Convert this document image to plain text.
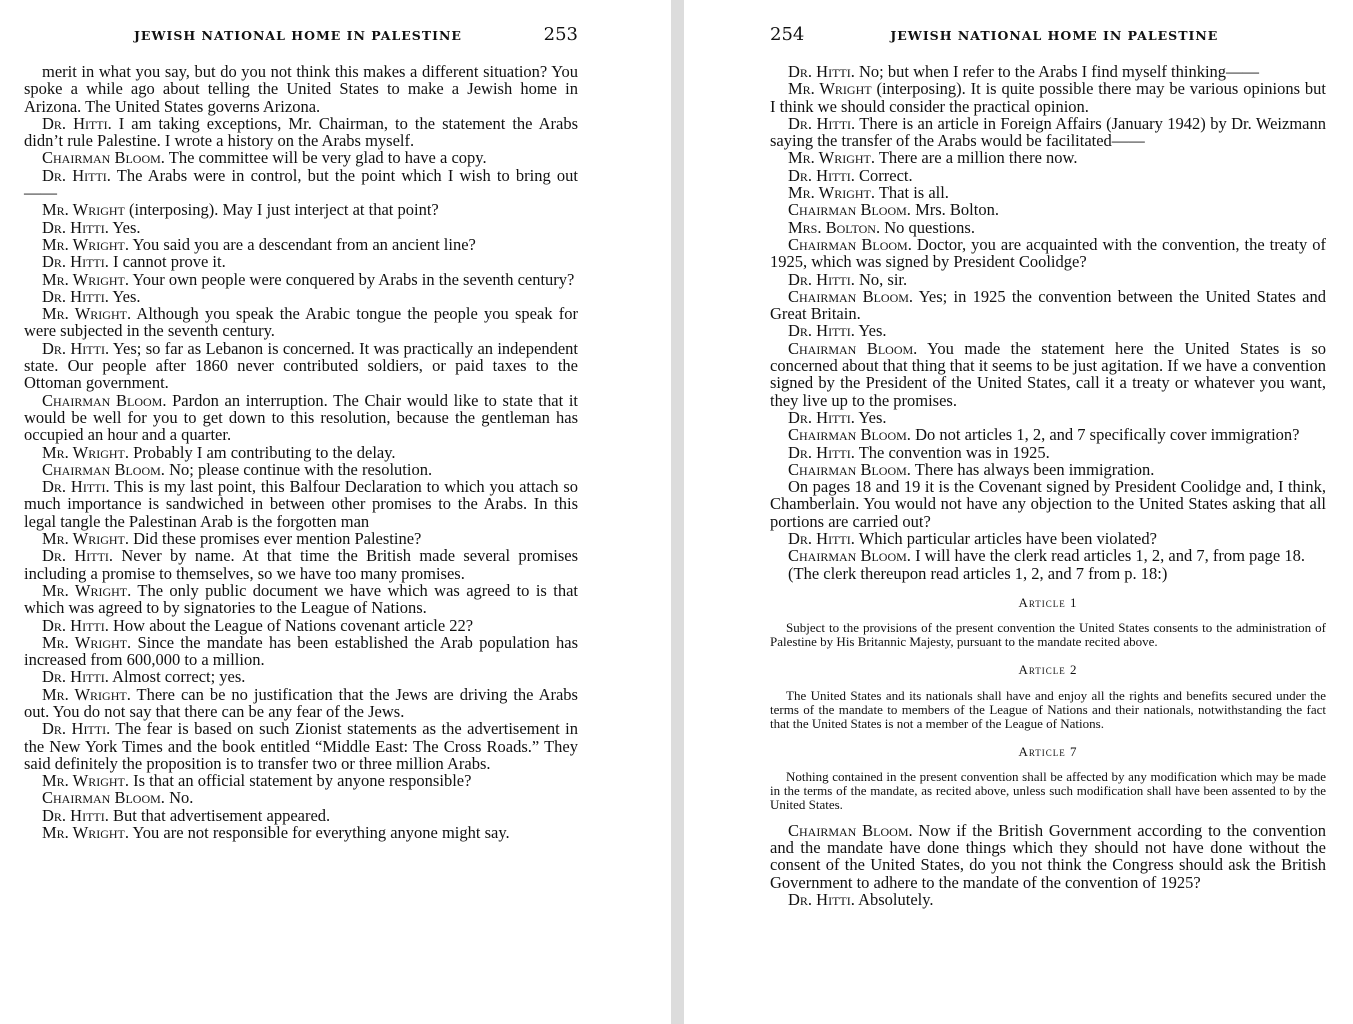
JEWISH NATIONAL HOME IN PALESTINE	253

merit in what you say, but do you not think this makes a different situation? You spoke a while ago about telling the United States to make a Jewish home in Arizona. The United States governs Arizona.

Dr. Hitti. I am taking exceptions, Mr. Chairman, to the statement the Arabs didn’t rule Palestine. I wrote a history on the Arabs myself.

Chairman Bloom. The committee will be very glad to have a copy.

Dr. Hitti. The Arabs were in control, but the point which I wish to bring out——

Mr. Wright (interposing). May I just interject at that point?

Dr. Hitti. Yes.

Mr. Wright. You said you are a descendant from an ancient line?

Dr. Hitti. I cannot prove it.

Mr. Wright. Your own people were conquered by Arabs in the seventh century?

Dr. Hitti. Yes.

Mr. Wright. Although you speak the Arabic tongue the people you speak for were subjected in the seventh century.

Dr. Hitti. Yes; so far as Lebanon is concerned. It was practically an independent state. Our people after 1860 never contributed soldiers, or paid taxes to the Ottoman government.

Chairman Bloom. Pardon an interruption. The Chair would like to state that it would be well for you to get down to this resolution, because the gentleman has occupied an hour and a quarter.

Mr. Wright. Probably I am contributing to the delay.

Chairman Bloom. No; please continue with the resolution.

Dr. Hitti. This is my last point, this Balfour Declaration to which you attach so much importance is sandwiched in between other promises to the Arabs. In this legal tangle the Palestinan Arab is the forgotten man

Mr. Wright. Did these promises ever mention Palestine?

Dr. Hitti. Never by name. At that time the British made several promises including a promise to themselves, so we have too many promises.

Mr. Wright. The only public document we have which was agreed to is that which was agreed to by signatories to the League of Nations.

Dr. Hitti. How about the League of Nations covenant article 22?

Mr. Wright. Since the mandate has been established the Arab population has increased from 600,000 to a million.

Dr. Hitti. Almost correct; yes.

Mr. Wright. There can be no justification that the Jews are driving the Arabs out. You do not say that there can be any fear of the Jews.

Dr. Hitti. The fear is based on such Zionist statements as the advertisement in the New York Times and the book entitled “Middle East: The Cross Roads.” They said definitely the proposition is to transfer two or three million Arabs.

Mr. Wright. Is that an official statement by anyone responsible?

Chairman Bloom. No.

Dr. Hitti. But that advertisement appeared.

Mr. Wright. You are not responsible for everything anyone might say.

254	JEWISH NATIONAL HOME IN PALESTINE

Dr. Hitti. No; but when I refer to the Arabs I find myself thinking——

Mr. Wright (interposing). It is quite possible there may be various opinions but I think we should consider the practical opinion.

Dr. Hitti. There is an article in Foreign Affairs (January 1942) by Dr. Weizmann saying the transfer of the Arabs would be facilitated——

Mr. Wright. There are a million there now.

Dr. Hitti. Correct.

Mr. Wright. That is all.

Chairman Bloom. Mrs. Bolton.

Mrs. Bolton. No questions.

Chairman Bloom. Doctor, you are acquainted with the convention, the treaty of 1925, which was signed by President Coolidge?

Dr. Hitti. No, sir.

Chairman Bloom. Yes; in 1925 the convention between the United States and Great Britain.

Dr. Hitti. Yes.

Chairman Bloom. You made the statement here the United States is so concerned about that thing that it seems to be just agitation. If we have a convention signed by the President of the United States, call it a treaty or whatever you want, they live up to the promises.

Dr. Hitti. Yes.

Chairman Bloom. Do not articles 1, 2, and 7 specifically cover immigration?

Dr. Hitti. The convention was in 1925.

Chairman Bloom. There has always been immigration.

On pages 18 and 19 it is the Covenant signed by President Coolidge and, I think, Chamberlain. You would not have any objection to the United States asking that all portions are carried out?

Dr. Hitti. Which particular articles have been violated?

Chairman Bloom. I will have the clerk read articles 1, 2, and 7, from page 18.

(The clerk thereupon read articles 1, 2, and 7 from p. 18:)

Article 1

Subject to the provisions of the present convention the United States consents to the administration of Palestine by His Britannic Majesty, pursuant to the mandate recited above.

Article 2

The United States and its nationals shall have and enjoy all the rights and benefits secured under the terms of the mandate to members of the League of Nations and their nationals, notwithstanding the fact that the United States is not a member of the League of Nations.

Article 7

Nothing contained in the present convention shall be affected by any modification which may be made in the terms of the mandate, as recited above, unless such modification shall have been assented to by the United States.

Chairman Bloom. Now if the British Government according to the convention and the mandate have done things which they should not have done without the consent of the United States, do you not think the Congress should ask the British Government to adhere to the mandate of the convention of 1925?

Dr. Hitti. Absolutely.
